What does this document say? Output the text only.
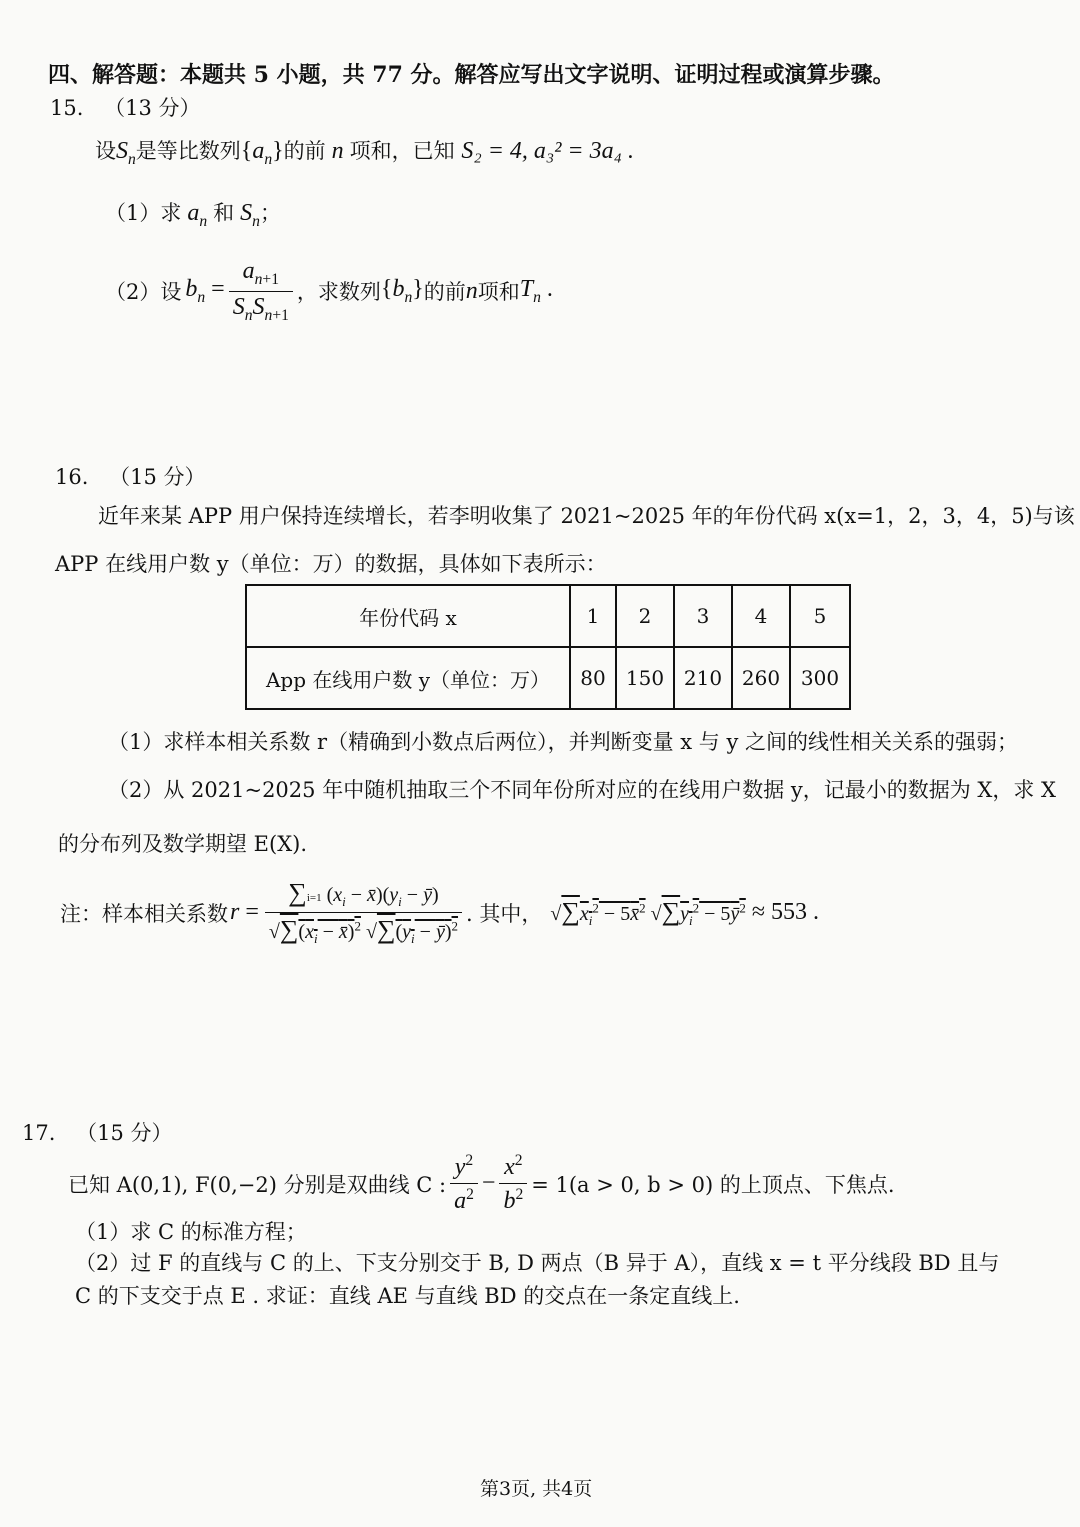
四、解答题：本题共 5 小题，共 77 分。解答应写出文字说明、证明过程或演算步骤。
15. （13 分）
设$S_n$是等比数列$\{a_n\}$的前 n 项和，已知 S₂ = 4, a₃² = 3a₄ .
（1）求 $a_n$ 和 $S_n$；
（2）设 $b_n = \frac{a_{n+1}}{S_nS_{n+1}}$ ，求数列 $\{b_n\}$ 的前 n 项和 $T_n$ .
16. （15 分）
近年来某 APP 用户保持连续增长，若李明收集了 2021~2025 年的年份代码 x(x=1，2，3，4，5)与该
APP 在线用户数 y（单位：万）的数据，具体如下表所示：
年份代码 x	1	2	3	4	5
App 在线用户数 y（单位：万）	80	150	210	260	300
（1）求样本相关系数 r（精确到小数点后两位），并判断变量 x 与 y 之间的线性相关关系的强弱；
（2）从 2021~2025 年中随机抽取三个不同年份所对应的在线用户数据 y，记最小的数据为 X，求 X
的分布列及数学期望 E(X).
注：样本相关系数 $r = \frac{\sum i=1 (x_i - x̄)(y_i - ȳ)}{√\sum(x_i - x̄)^2 √\sum(y_i - ȳ)^2}$ . 其中， $√\sum x_i^2$ − 5x̄$^2$ $√\sum y_i^2$ − $5ȳ^2 \approx 553$ .
17. （15 分）
已知 A(0,1), F(0,−2) 分别是双曲线 C : $\frac{y^2}{a^2} - \frac{x^2}{b^2} = 1(a > 0$, b > 0) 的上顶点、下焦点.
（1）求 C 的标准方程；
（2）过 F 的直线与 C 的上、下支分别交于 B, D 两点（B 异于 A），直线 x = t 平分线段 BD 且与
C 的下支交于点 E . 求证：直线 AE 与直线 BD 的交点在一条定直线上.
第3页, 共4页
